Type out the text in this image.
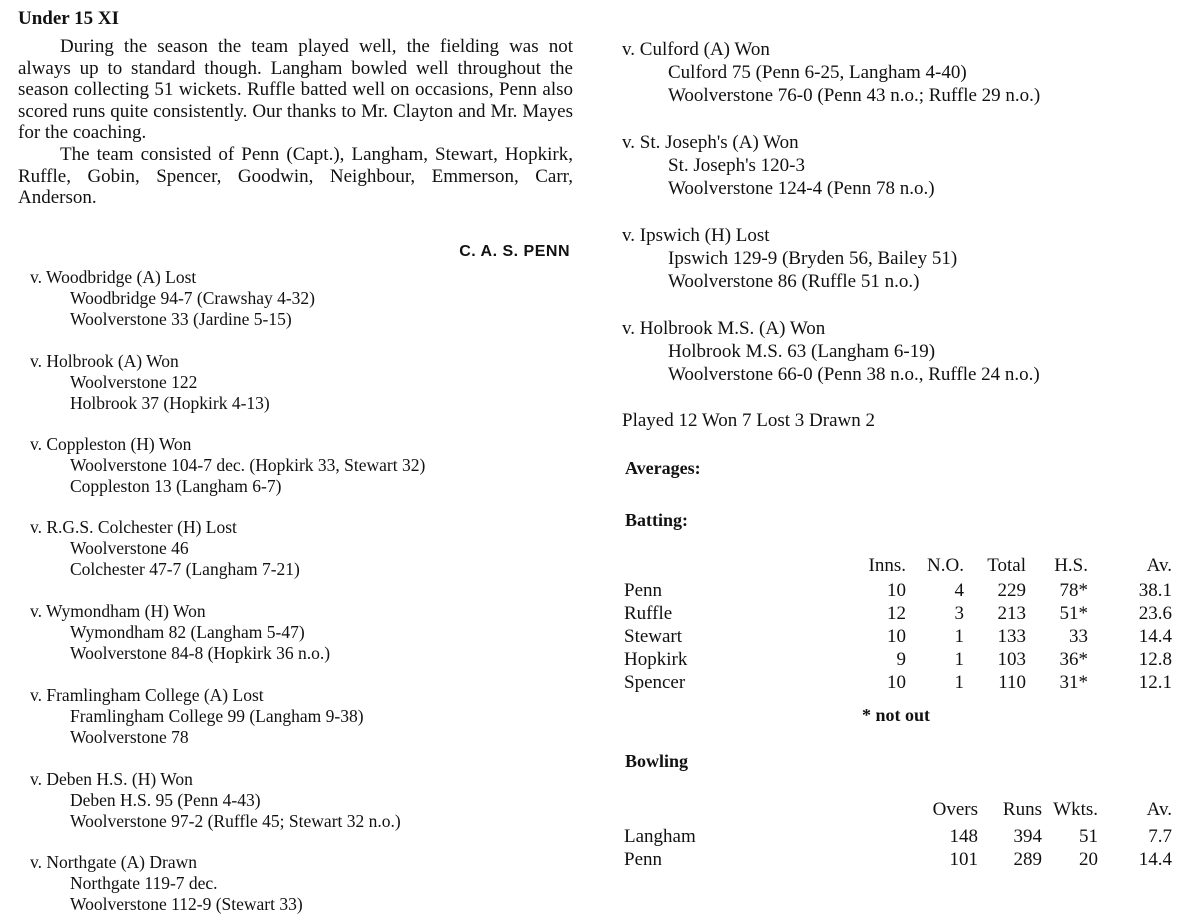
Under 15 XI

During the season the team played well, the fielding was not always up to standard though. Langham bowled well throughout the season collecting 51 wickets. Ruffle batted well on occasions, Penn also scored runs quite consistently. Our thanks to Mr. Clayton and Mr. Mayes for the coaching.

The team consisted of Penn (Capt.), Langham, Stewart, Hopkirk, Ruffle, Gobin, Spencer, Goodwin, Neighbour, Emmerson, Carr, Anderson.

C. A. S. PENN
v. Woodbridge (A) Lost
Woodbridge 94-7 (Crawshay 4-32)
Woolverstone 33 (Jardine 5-15)
v. Holbrook (A) Won
Woolverstone 122
Holbrook 37 (Hopkirk 4-13)
v. Coppleston (H) Won
Woolverstone 104-7 dec. (Hopkirk 33, Stewart 32)
Coppleston 13 (Langham 6-7)
v. R.G.S. Colchester (H) Lost
Woolverstone 46
Colchester 47-7 (Langham 7-21)
v. Wymondham (H) Won
Wymondham 82 (Langham 5-47)
Woolverstone 84-8 (Hopkirk 36 n.o.)
v. Framlingham College (A) Lost
Framlingham College 99 (Langham 9-38)
Woolverstone 78
v. Deben H.S. (H) Won
Deben H.S. 95 (Penn 4-43)
Woolverstone 97-2 (Ruffle 45; Stewart 32 n.o.)
v. Northgate (A) Drawn
Northgate 119-7 dec.
Woolverstone 112-9 (Stewart 33)
v. Culford (A) Won
Culford 75 (Penn 6-25, Langham 4-40)
Woolverstone 76-0 (Penn 43 n.o.; Ruffle 29 n.o.)
v. St. Joseph's (A) Won
St. Joseph's 120-3
Woolverstone 124-4 (Penn 78 n.o.)
v. Ipswich (H) Lost
Ipswich 129-9 (Bryden 56, Bailey 51)
Woolverstone 86 (Ruffle 51 n.o.)
v. Holbrook M.S. (A) Won
Holbrook M.S. 63 (Langham 6-19)
Woolverstone 66-0 (Penn 38 n.o., Ruffle 24 n.o.)
Played 12 Won 7 Lost 3 Drawn 2
Averages:
Batting:
	Inns.	N.O.	Total	H.S.	Av.
Penn	10	4	229	78*	38.1
Ruffle	12	3	213	51*	23.6
Stewart	10	1	133	33	14.4
Hopkirk	9	1	103	36*	12.8
Spencer	10	1	110	31*	12.1
* not out
Bowling
	Overs	Runs	Wkts.	Av.
Langham	148	394	51	7.7
Penn	101	289	20	14.4
